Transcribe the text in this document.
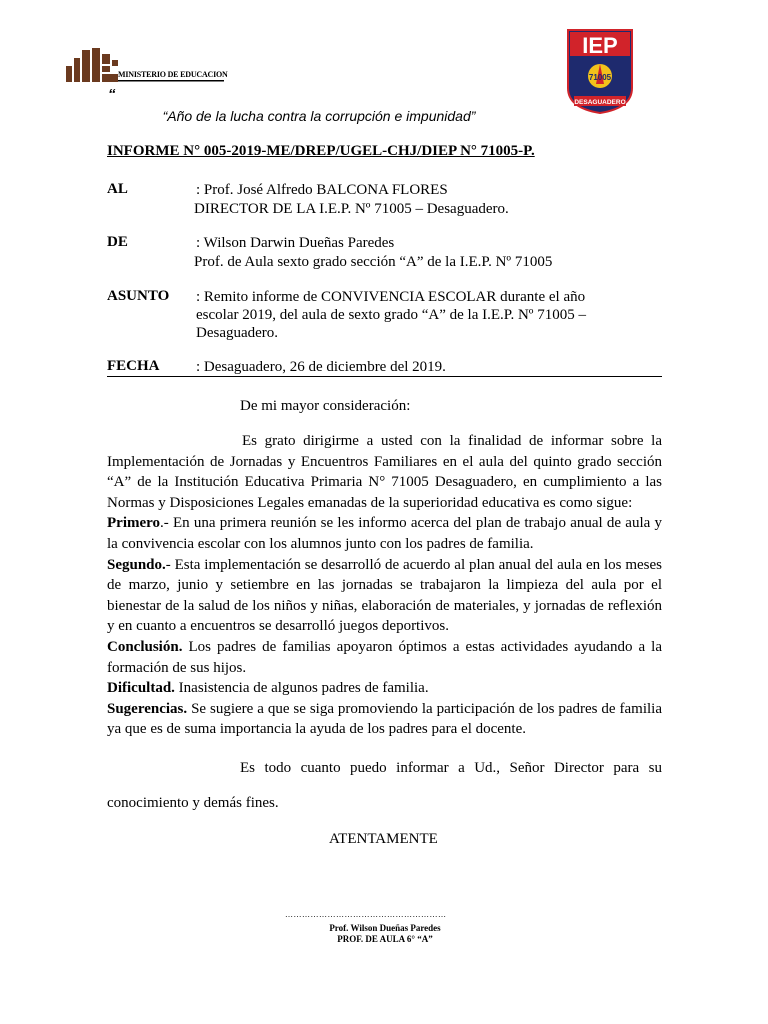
MINISTERIO DE EDUCACION
IEP
71005
DESAGUADERO
“
“Año de la lucha contra la corrupción e impunidad”
INFORME N° 005-2019-ME/DREP/UGEL-CHJ/DIEP N° 71005-P.
AL	: Prof. José Alfredo BALCONA FLORES
DIRECTOR DE LA I.E.P. Nº 71005 – Desaguadero.
DE	: Wilson Darwin Dueñas Paredes
Prof. de Aula sexto grado sección “A” de la I.E.P. Nº 71005
ASUNTO : Remito informe de CONVIVENCIA ESCOLAR durante el año
escolar 2019, del aula de sexto grado “A” de la I.E.P. Nº 71005 –
Desaguadero.
FECHA : Desaguadero, 26 de diciembre del 2019.
De mi mayor consideración:

Es grato dirigirme a usted con la finalidad de informar sobre la Implementación de Jornadas y Encuentros Familiares en el aula del quinto grado sección “A” de la Institución Educativa Primaria N° 71005 Desaguadero, en cumplimiento a las Normas y Disposiciones Legales emanadas de la superioridad educativa es como sigue:

Primero.- En una primera reunión se les informo acerca del plan de trabajo anual de aula y la convivencia escolar con los alumnos junto con los padres de familia.

Segundo.- Esta implementación se desarrolló de acuerdo al plan anual del aula en los meses de marzo, junio y setiembre en las jornadas se trabajaron la limpieza del aula por el bienestar de la salud de los niños y niñas, elaboración de materiales, y jornadas de reflexión y en cuanto a encuentros se desarrolló juegos deportivos.

Conclusión. Los padres de familias apoyaron óptimos a estas actividades ayudando a la formación de sus hijos.

Dificultad. Inasistencia de algunos padres de familia.

Sugerencias. Se sugiere a que se siga promoviendo la participación de los padres de familia ya que es de suma importancia la ayuda de los padres para el docente.

Es todo cuanto puedo informar a Ud., Señor Director para su
conocimiento y demás fines.
ATENTAMENTE
…………………………………………………
Prof. Wilson Dueñas Paredes
PROF. DE AULA 6° “A”
